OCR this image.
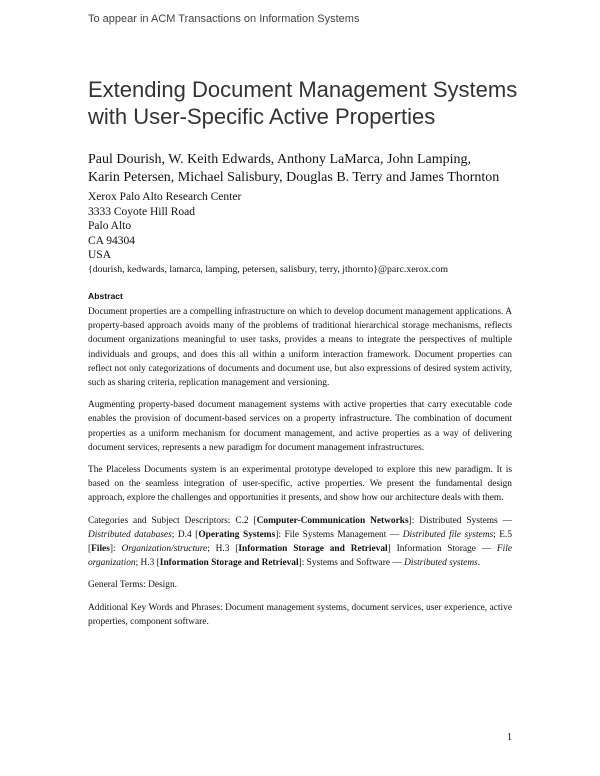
To appear in ACM Transactions on Information Systems
Extending Document Management Systems
with User-Specific Active Properties
Paul Dourish, W. Keith Edwards, Anthony LaMarca, John Lamping,
Karin Petersen, Michael Salisbury, Douglas B. Terry and James Thornton
Xerox Palo Alto Research Center
3333 Coyote Hill Road
Palo Alto
CA 94304
USA
{dourish, kedwards, lamarca, lamping, petersen, salisbury, terry, jthornto}@parc.xerox.com
Abstract

Document properties are a compelling infrastructure on which to develop document management applications. A property-based approach avoids many of the problems of traditional hierarchical storage mechanisms, reflects document organizations meaningful to user tasks, provides a means to integrate the perspectives of multiple individuals and groups, and does this all within a uniform interaction framework. Document properties can reflect not only categorizations of documents and document use, but also expressions of desired system activity, such as sharing criteria, replication management and versioning.

Augmenting property-based document management systems with active properties that carry executable code enables the provision of document-based services on a property infrastructure. The combination of document properties as a uniform mechanism for document management, and active properties as a way of delivering document services, represents a new paradigm for document management infrastructures.

The Placeless Documents system is an experimental prototype developed to explore this new paradigm. It is based on the seamless integration of user-specific, active properties. We present the fundamental design approach, explore the challenges and opportunities it presents, and show how our architecture deals with them.

Categories and Subject Descriptors: C.2 [Computer-Communication Networks]: Distributed Systems — Distributed databases; D.4 [Operating Systems]: File Systems Management — Distributed file systems; E.5 [Files]: Organization/structure; H.3 [Information Storage and Retrieval] Information Storage — File organization; H.3 [Information Storage and Retrieval]: Systems and Software — Distributed systems.

General Terms: Design.

Additional Key Words and Phrases: Document management systems, document services, user experience, active properties, component software.

1
